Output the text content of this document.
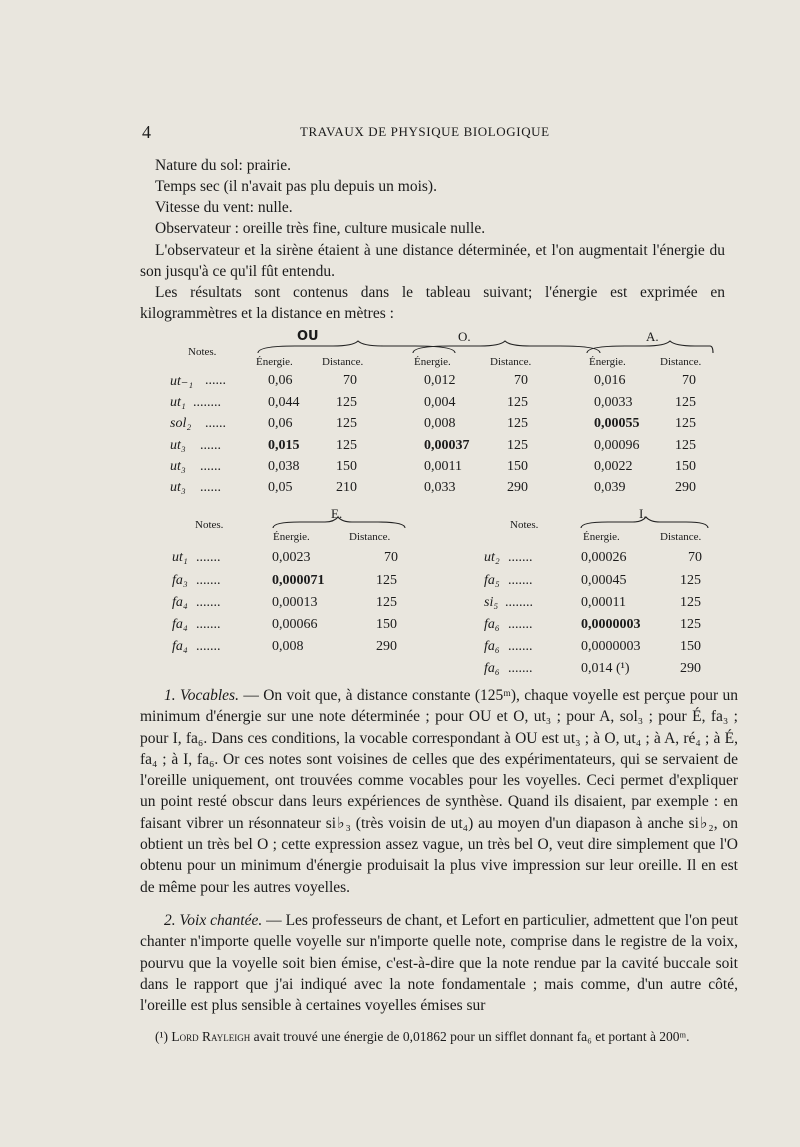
4	TRAVAUX DE PHYSIQUE BIOLOGIQUE
Nature du sol: prairie.
Temps sec (il n'avait pas plu depuis un mois).
Vitesse du vent: nulle.
Observateur : oreille très fine, culture musicale nulle.
L'observateur et la sirène étaient à une distance déterminée, et l'on augmentait l'énergie du son jusqu'à ce qu'il fût entendu.
Les résultats sont contenus dans le tableau suivant; l'énergie est exprimée en kilogrammètres et la distance en mètres :
Notes.
OU	O.	A.
Énergie.	Distance.	Énergie.	Distance.	Énergie.	Distance.
ut₋₁ ......	0,06	70	0,012	70	0,016	70
ut₁ ........	0,044	125	0,004	125	0,0033	125
sol₂ ......	0,06	125	0,008	125	0,00055	125
ut₃ ......	0,015	125	0,00037	125	0,00096	125
ut₃ ......	0,038	150	0,0011	150	0,0022	150
ut₃ ......	0,05	210	0,033	290	0,039	290
Notes.
E.
Énergie.	Distance.
ut₁ .......	0,0023	70
fa₃ .......	0,000071	125
fa₄ .......	0,00013	125
fa₄ .......	0,00066	150
fa₄ .......	0,008	290
Notes.
I.
Énergie.	Distance.
ut₂ .......	0,00026	70
fa₅ .......	0,00045	125
si₅ ........	0,00011	125
fa₆ .......	0,0000003	125
fa₆ .......	0,0000003	150
fa₆ .......	0,014 (¹)	290
1. Vocables. — On voit que, à distance constante (125ᵐ), chaque voyelle est perçue pour un minimum d'énergie sur une note déterminée ; pour OU et O, ut₃ ; pour A, sol₃ ; pour É, fa₃ ; pour I, fa₆. Dans ces conditions, la vocable correspondant à OU est ut₃ ; à O, ut₄ ; à A, ré₄ ; à É, fa₄ ; à I, fa₆. Or ces notes sont voisines de celles que des expérimentateurs, qui se servaient de l'oreille uniquement, ont trouvées comme vocables pour les voyelles. Ceci permet d'expliquer un point resté obscur dans leurs expériences de synthèse. Quand ils disaient, par exemple : en faisant vibrer un résonnateur si♭₃ (très voisin de ut₄) au moyen d'un diapason à anche si♭₂, on obtient un très bel O ; cette expression assez vague, un très bel O, veut dire simplement que l'O obtenu pour un minimum d'énergie produisait la plus vive impression sur leur oreille. Il en est de même pour les autres voyelles.
2. Voix chantée. — Les professeurs de chant, et Lefort en particulier, admettent que l'on peut chanter n'importe quelle voyelle sur n'importe quelle note, comprise dans le registre de la voix, pourvu que la voyelle soit bien émise, c'est-à-dire que la note rendue par la cavité buccale soit dans le rapport que j'ai indiqué avec la note fondamentale ; mais comme, d'un autre côté, l'oreille est plus sensible à certaines voyelles émises sur
(¹) Lord Rayleigh avait trouvé une énergie de 0,01862 pour un sifflet donnant fa₆ et portant à 200ᵐ.
